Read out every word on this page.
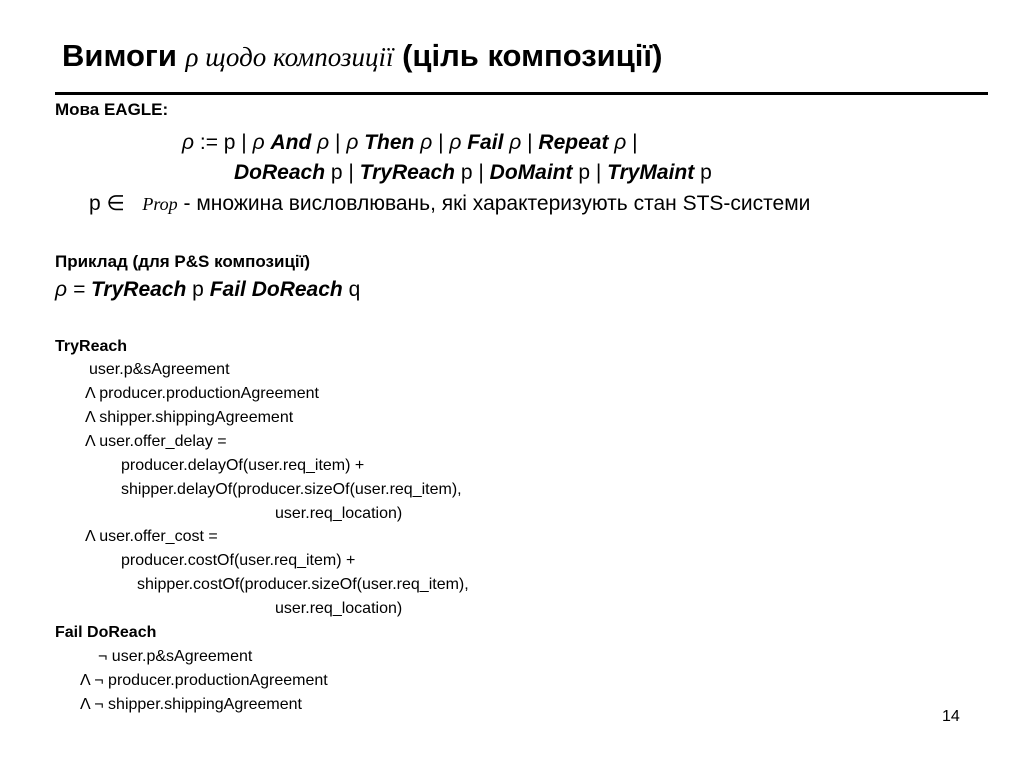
Вимоги ρ щодо композиції (ціль композиції)
Мова EAGLE:
ρ := p | ρ And ρ | ρ Then ρ | ρ Fail ρ | Repeat ρ |
DoReach p | TryReach p | DoMaint p | TryMaint p
p ∈ Prop - множина висловлювань, які характеризують стан STS-системи
Приклад (для P&S композиції)
ρ = TryReach p Fail DoReach q
TryReach
user.p&sAgreement
Λ producer.productionAgreement
Λ shipper.shippingAgreement
Λ user.offer_delay =
producer.delayOf(user.req_item) +
shipper.delayOf(producer.sizeOf(user.req_item),
user.req_location)
Λ user.offer_cost =
producer.costOf(user.req_item) +
shipper.costOf(producer.sizeOf(user.req_item),
user.req_location)
Fail DoReach
¬ user.p&sAgreement
Λ ¬ producer.productionAgreement
Λ ¬ shipper.shippingAgreement
14
